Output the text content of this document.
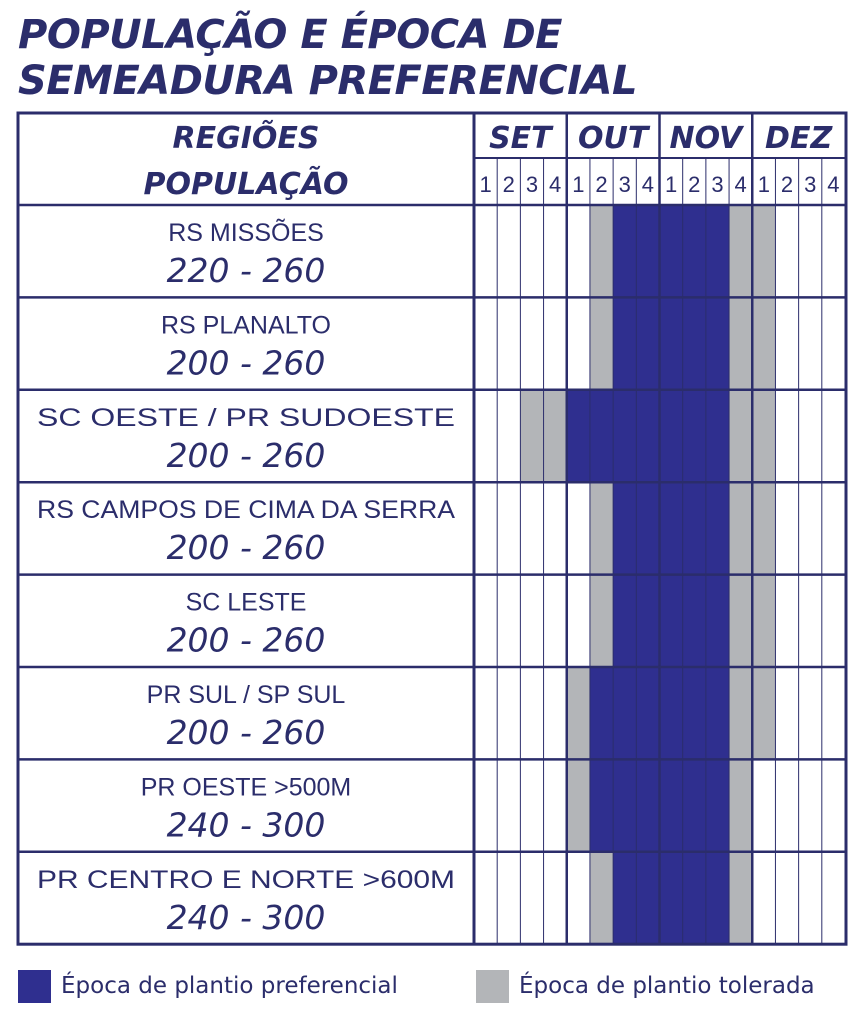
POPULAÇÃO E ÉPOCA DE
SEMEADURA PREFERENCIAL
REGIÕES
POPULAÇÃO
SET OUT NOV DEZ
1 2 3 4 1 2 3 4 1 2 3 4 1 2 3 4
RS MISSÕES
220 - 260
RS PLANALTO
200 - 260
SC OESTE / PR SUDOESTE
200 - 260
RS CAMPOS DE CIMA DA SERRA
200 - 260
SC LESTE
200 - 260
PR SUL / SP SUL
200 - 260
PR OESTE >500M
240 - 300
PR CENTRO E NORTE >600M
240 - 300
Época de plantio preferencial	Época de plantio tolerada
